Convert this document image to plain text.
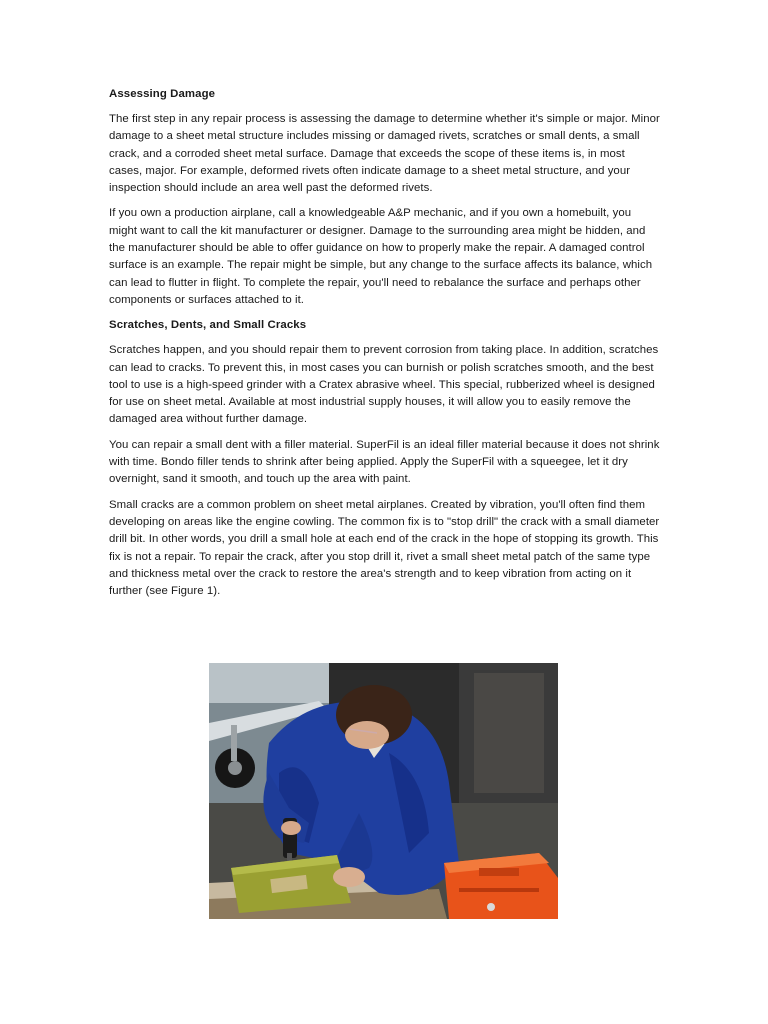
Assessing Damage

The first step in any repair process is assessing the damage to determine whether it's simple or major. Minor damage to a sheet metal structure includes missing or damaged rivets, scratches or small dents, a small crack, and a corroded sheet metal surface. Damage that exceeds the scope of these items is, in most cases, major. For example, deformed rivets often indicate damage to a sheet metal structure, and your inspection should include an area well past the deformed rivets.

If you own a production airplane, call a knowledgeable A&P mechanic, and if you own a homebuilt, you might want to call the kit manufacturer or designer. Damage to the surrounding area might be hidden, and the manufacturer should be able to offer guidance on how to properly make the repair. A damaged control surface is an example. The repair might be simple, but any change to the surface affects its balance, which can lead to flutter in flight. To complete the repair, you'll need to rebalance the surface and perhaps other components or surfaces attached to it.

Scratches, Dents, and Small Cracks

Scratches happen, and you should repair them to prevent corrosion from taking place. In addition, scratches can lead to cracks. To prevent this, in most cases you can burnish or polish scratches smooth, and the best tool to use is a high-speed grinder with a Cratex abrasive wheel. This special, rubberized wheel is designed for use on sheet metal. Available at most industrial supply houses, it will allow you to easily remove the damaged area without further damage.

You can repair a small dent with a filler material. SuperFil is an ideal filler material because it does not shrink with time. Bondo filler tends to shrink after being applied. Apply the SuperFil with a squeegee, let it dry overnight, sand it smooth, and touch up the area with paint.

Small cracks are a common problem on sheet metal airplanes. Created by vibration, you'll often find them developing on areas like the engine cowling. The common fix is to "stop drill" the crack with a small diameter drill bit. In other words, you drill a small hole at each end of the crack in the hope of stopping its growth. This fix is not a repair. To repair the crack, after you stop drill it, rivet a small sheet metal patch of the same type and thickness metal over the crack to restore the area's strength and to keep vibration from acting on it further (see Figure 1).
